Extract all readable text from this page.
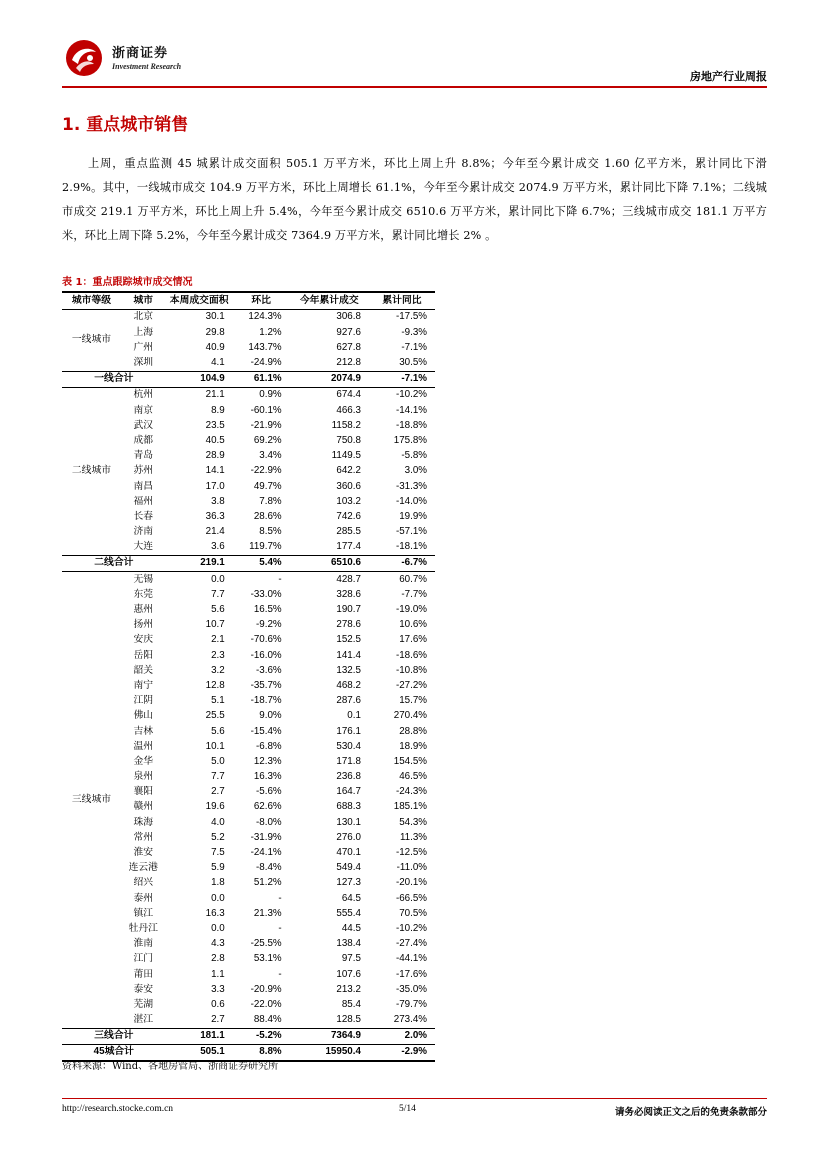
浙商证券
Investment Research
房地产行业周报
1. 重点城市销售
上周，重点监测 45 城累计成交面积 505.1 万平方米，环比上周上升 8.8%；今年至今累计成交 1.60 亿平方米，累计同比下滑 2.9%。其中，一线城市成交 104.9 万平方米，环比上周增长 61.1%，今年至今累计成交 2074.9 万平方米，累计同比下降 7.1%；二线城市成交 219.1 万平方米，环比上周上升 5.4%，今年至今累计成交 6510.6 万平方米，累计同比下降 6.7%；三线城市成交 181.1 万平方米，环比上周下降 5.2%，今年至今累计成交 7364.9 万平方米，累计同比增长 2% 。
表 1：重点跟踪城市成交情况
城市等级	城市	本周成交面积	环比	今年累计成交	累计同比
一线城市	北京	30.1	124.3%	306.8	-17.5%
	上海	29.8	1.2%	927.6	-9.3%
	广州	40.9	143.7%	627.8	-7.1%
	深圳	4.1	-24.9%	212.8	30.5%
一线合计		104.9	61.1%	2074.9	-7.1%
二线城市	杭州	21.1	0.9%	674.4	-10.2%
	南京	8.9	-60.1%	466.3	-14.1%
	武汉	23.5	-21.9%	1158.2	-18.8%
	成都	40.5	69.2%	750.8	175.8%
	青岛	28.9	3.4%	1149.5	-5.8%
	苏州	14.1	-22.9%	642.2	3.0%
	南昌	17.0	49.7%	360.6	-31.3%
	福州	3.8	7.8%	103.2	-14.0%
	长春	36.3	28.6%	742.6	19.9%
	济南	21.4	8.5%	285.5	-57.1%
	大连	3.6	119.7%	177.4	-18.1%
二线合计		219.1	5.4%	6510.6	-6.7%
三线城市	无锡	0.0	-	428.7	60.7%
	东莞	7.7	-33.0%	328.6	-7.7%
	惠州	5.6	16.5%	190.7	-19.0%
	扬州	10.7	-9.2%	278.6	10.6%
	安庆	2.1	-70.6%	152.5	17.6%
	岳阳	2.3	-16.0%	141.4	-18.6%
	韶关	3.2	-3.6%	132.5	-10.8%
	南宁	12.8	-35.7%	468.2	-27.2%
	江阴	5.1	-18.7%	287.6	15.7%
	佛山	25.5	9.0%	0.1	270.4%
	吉林	5.6	-15.4%	176.1	28.8%
	温州	10.1	-6.8%	530.4	18.9%
	金华	5.0	12.3%	171.8	154.5%
	泉州	7.7	16.3%	236.8	46.5%
	襄阳	2.7	-5.6%	164.7	-24.3%
	赣州	19.6	62.6%	688.3	185.1%
	珠海	4.0	-8.0%	130.1	54.3%
	常州	5.2	-31.9%	276.0	11.3%
	淮安	7.5	-24.1%	470.1	-12.5%
	连云港	5.9	-8.4%	549.4	-11.0%
	绍兴	1.8	51.2%	127.3	-20.1%
	泰州	0.0	-	64.5	-66.5%
	镇江	16.3	21.3%	555.4	70.5%
	牡丹江	0.0	-	44.5	-10.2%
	淮南	4.3	-25.5%	138.4	-27.4%
	江门	2.8	53.1%	97.5	-44.1%
	莆田	1.1	-	107.6	-17.6%
	泰安	3.3	-20.9%	213.2	-35.0%
	芜湖	0.6	-22.0%	85.4	-79.7%
	湛江	2.7	88.4%	128.5	273.4%
三线合计		181.1	-5.2%	7364.9	2.0%
45城合计		505.1	8.8%	15950.4	-2.9%
资料来源：Wind、各地房管局、浙商证券研究所
http://research.stocke.com.cn	5/14	请务必阅读正文之后的免责条款部分
